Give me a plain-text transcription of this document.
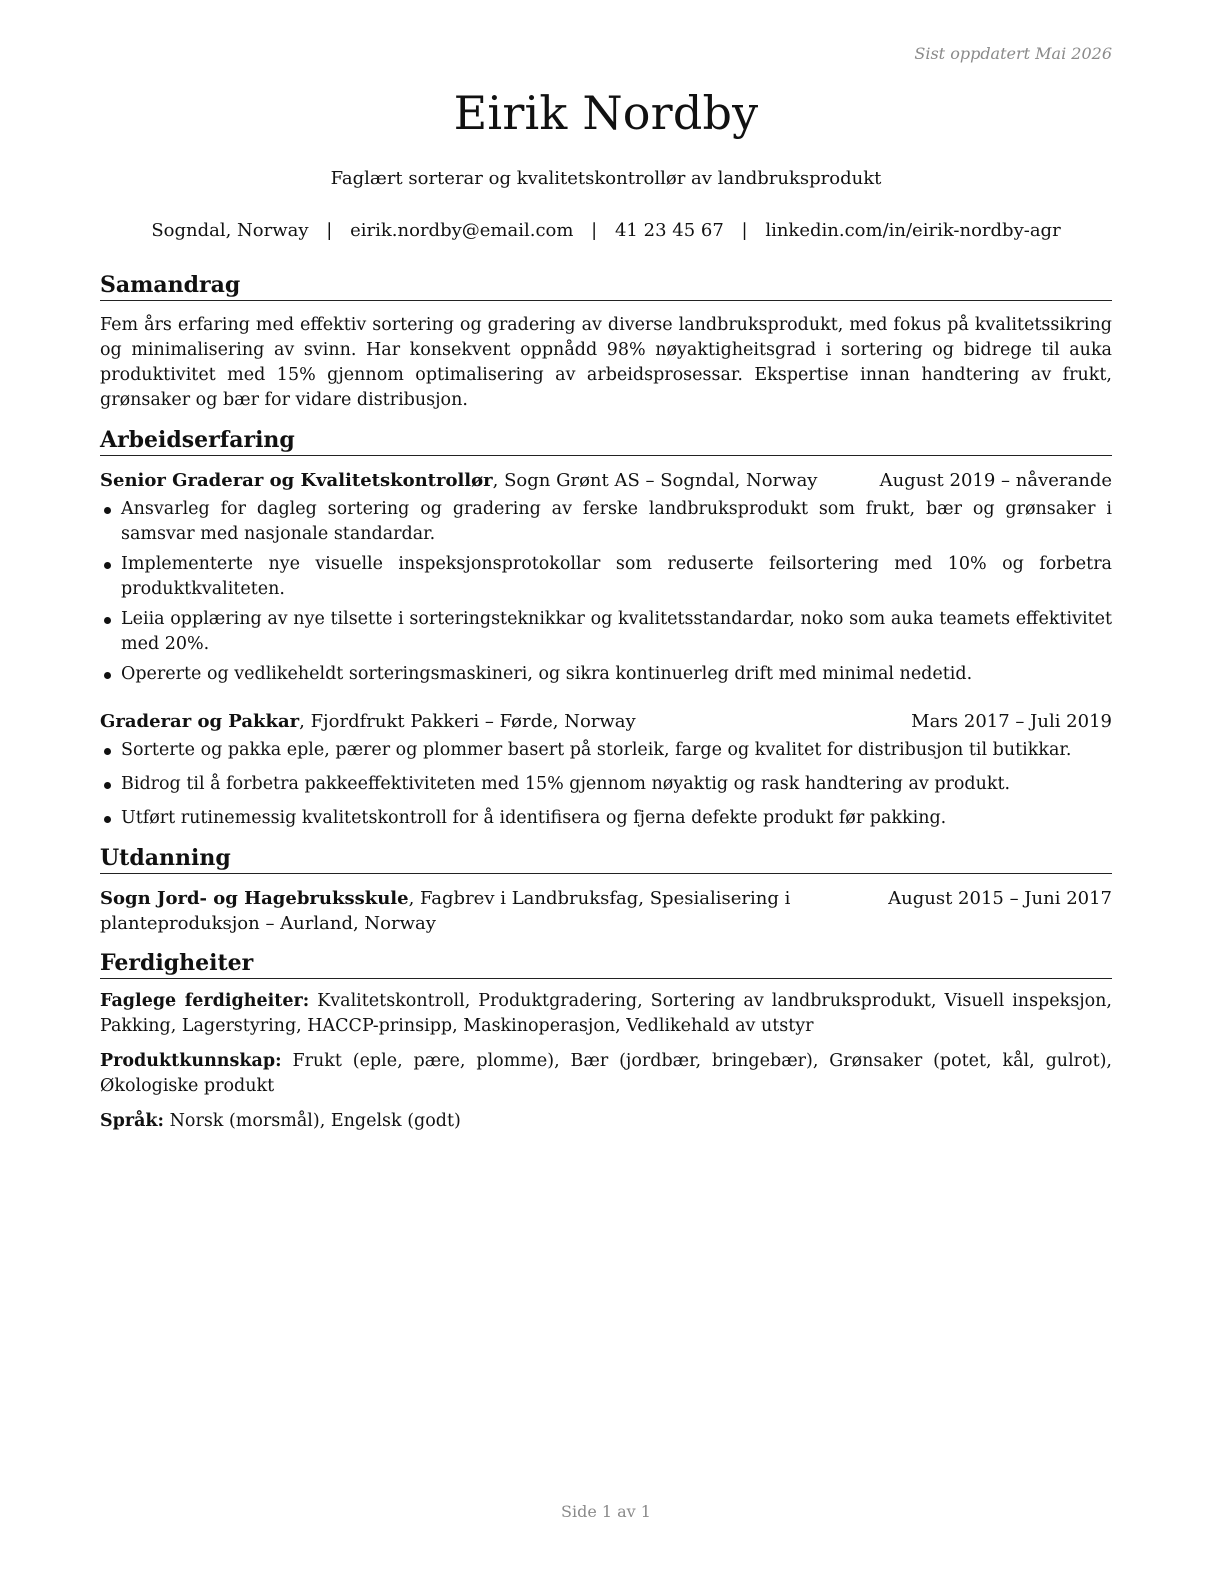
Sist oppdatert Mai 2026
Eirik Nordby
Faglært sorterar og kvalitetskontrollør av landbruksprodukt
Sogndal, Norway | eirik.nordby@email.com | 41 23 45 67 | linkedin.com/in/eirik-nordby-agr
Samandrag

Fem års erfaring med effektiv sortering og gradering av diverse landbruksprodukt, med fokus på kvalitetssikring og minimalisering av svinn. Har konsekvent oppnådd 98% nøyaktigheitsgrad i sortering og bidrege til auka produktivitet med 15% gjennom optimalisering av arbeidsprosessar. Ekspertise innan handtering av frukt, grønsaker og bær for vidare distribusjon.

Arbeidserfaring
Senior Graderar og Kvalitetskontrollør, Sogn Grønt AS – Sogndal, Norway	August 2019 – nåverande
Ansvarleg for dagleg sortering og gradering av ferske landbruksprodukt som frukt, bær og grønsaker i samsvar med nasjonale standardar.
Implementerte nye visuelle inspeksjonsprotokollar som reduserte feilsortering med 10% og forbetra produktkvaliteten.
Leiia opplæring av nye tilsette i sorteringsteknikkar og kvalitetsstandardar, noko som auka teamets effektivitet med 20%.
Opererte og vedlikeheldt sorteringsmaskineri, og sikra kontinuerleg drift med minimal nedetid.
Graderar og Pakkar, Fjordfrukt Pakkeri – Førde, Norway	Mars 2017 – Juli 2019
Sorterte og pakka eple, pærer og plommer basert på storleik, farge og kvalitet for distribusjon til butikkar.
Bidrog til å forbetra pakkeeffektiviteten med 15% gjennom nøyaktig og rask handtering av produkt.
Utført rutinemessig kvalitetskontroll for å identifisera og fjerna defekte produkt før pakking.
Utdanning
Sogn Jord- og Hagebruksskule, Fagbrev i Landbruksfag, Spesialisering i planteproduksjon – Aurland, Norway
August 2015 – Juni 2017
Ferdigheiter
Faglege ferdigheiter: Kvalitetskontroll, Produktgradering, Sortering av landbruksprodukt, Visuell inspeksjon, Pakking, Lagerstyring, HACCP-prinsipp, Maskinoperasjon, Vedlikehald av utstyr
Produktkunnskap: Frukt (eple, pære, plomme), Bær (jordbær, bringebær), Grønsaker (potet, kål, gulrot), Økologiske produkt
Språk: Norsk (morsmål), Engelsk (godt)
Side 1 av 1
